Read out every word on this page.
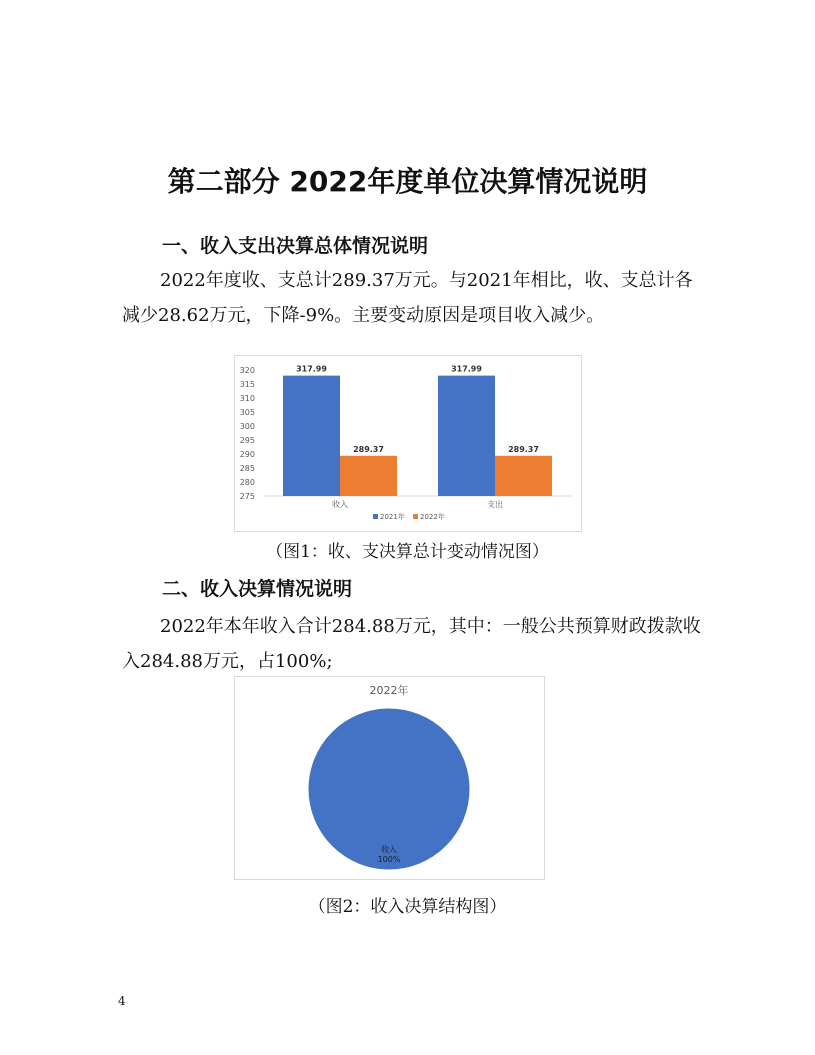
第二部分 2022年度单位决算情况说明
一、收入支出决算总体情况说明

2022年度收、支总计289.37万元。与2021年相比，收、支总计各减少28.62万元，下降-9%。主要变动原因是项目收入减少。

275
280
285
290
295
300
305
310
315
320	317.99
289.37
收入
317.99
289.37
支出
2021年 2022年
（图1：收、支决算总计变动情况图）
二、收入决算情况说明

2022年本年收入合计284.88万元，其中：一般公共预算财政拨款收入284.88万元，占100%;

2022年
收入
100%
（图2：收入决算结构图）
4
